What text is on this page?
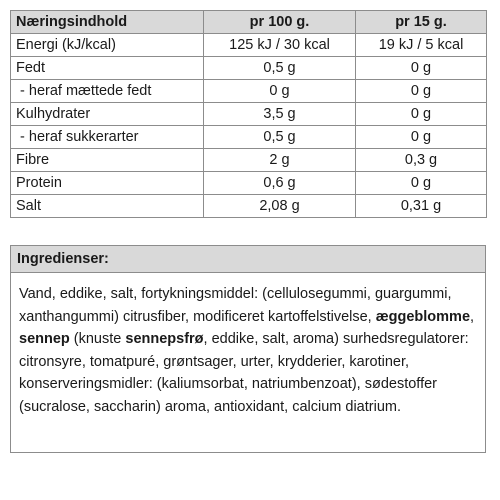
Næringsindhold	pr 100 g.	pr 15 g.
Energi (kJ/kcal)	125 kJ / 30 kcal	19 kJ / 5 kcal
Fedt	0,5 g	0 g
- heraf mættede fedt	0 g	0 g
Kulhydrater	3,5 g	0 g
- heraf sukkerarter	0,5 g	0 g
Fibre	2 g	0,3 g
Protein	0,6 g	0 g
Salt	2,08 g	0,31 g
Ingredienser:
Vand, eddike, salt, fortykningsmiddel: (cellulosegummi, guargummi, xanthangummi) citrusfiber, modificeret kartoffelstivelse, æggeblomme, sennep (knuste sennepsfrø, eddike, salt, aroma) surhedsregulatorer: citronsyre, tomatpuré, grøntsager, urter, krydderier, karotiner, konserveringsmidler: (kaliumsorbat, natriumbenzoat), sødestoffer (sucralose, saccharin) aroma, antioxidant, calcium diatrium.
